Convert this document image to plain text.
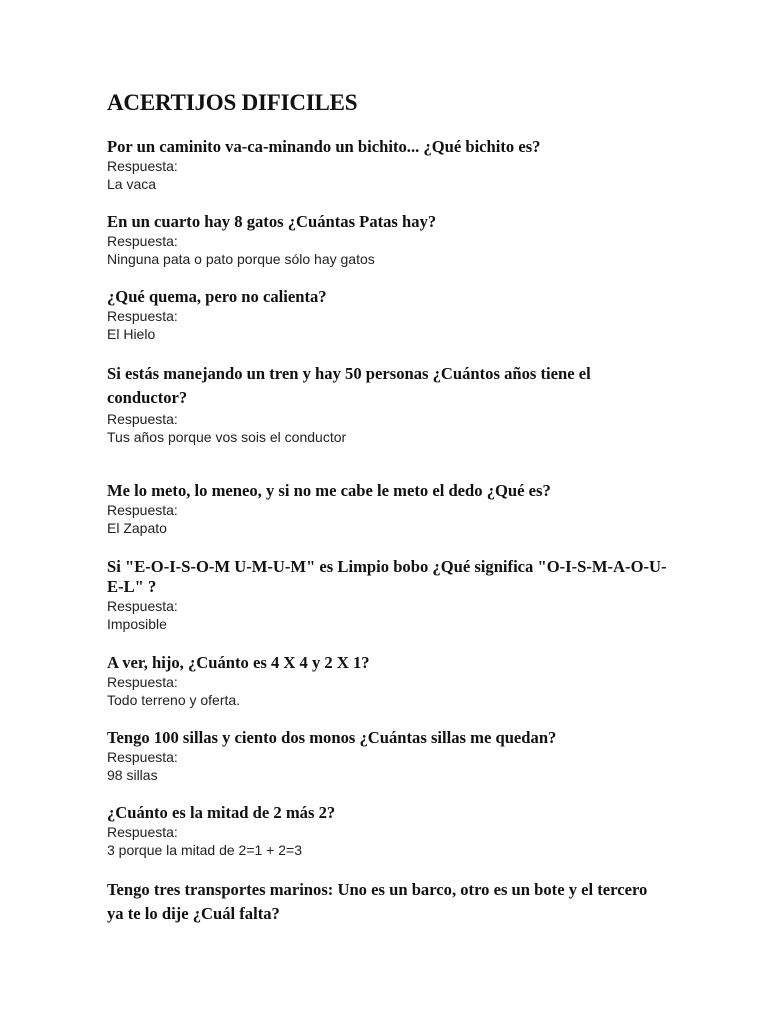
ACERTIJOS DIFICILES

Por un caminito va-ca-minando un bichito... ¿Qué bichito es?

Respuesta:
La vaca

En un cuarto hay 8 gatos ¿Cuántas Patas hay?

Respuesta:
Ninguna pata o pato porque sólo hay gatos

¿Qué quema, pero no calienta?

Respuesta:
El Hielo

Si estás manejando un tren y hay 50 personas ¿Cuántos años tiene el conductor?

Respuesta:
Tus años porque vos sois el conductor

Me lo meto, lo meneo, y si no me cabe le meto el dedo ¿Qué es?

Respuesta:
El Zapato

Si "E-O-I-S-O-M U-M-U-M" es Limpio bobo ¿Qué significa "O-I-S-M-A-O-U-E-L" ?

Respuesta:
Imposible

A ver, hijo, ¿Cuánto es 4 X 4 y 2 X 1?

Respuesta:
Todo terreno y oferta.

Tengo 100 sillas y ciento dos monos ¿Cuántas sillas me quedan?

Respuesta:
98 sillas

¿Cuánto es la mitad de 2 más 2?

Respuesta:
3 porque la mitad de 2=1 + 2=3

Tengo tres transportes marinos: Uno es un barco, otro es un bote y el tercero ya te lo dije ¿Cuál falta?
